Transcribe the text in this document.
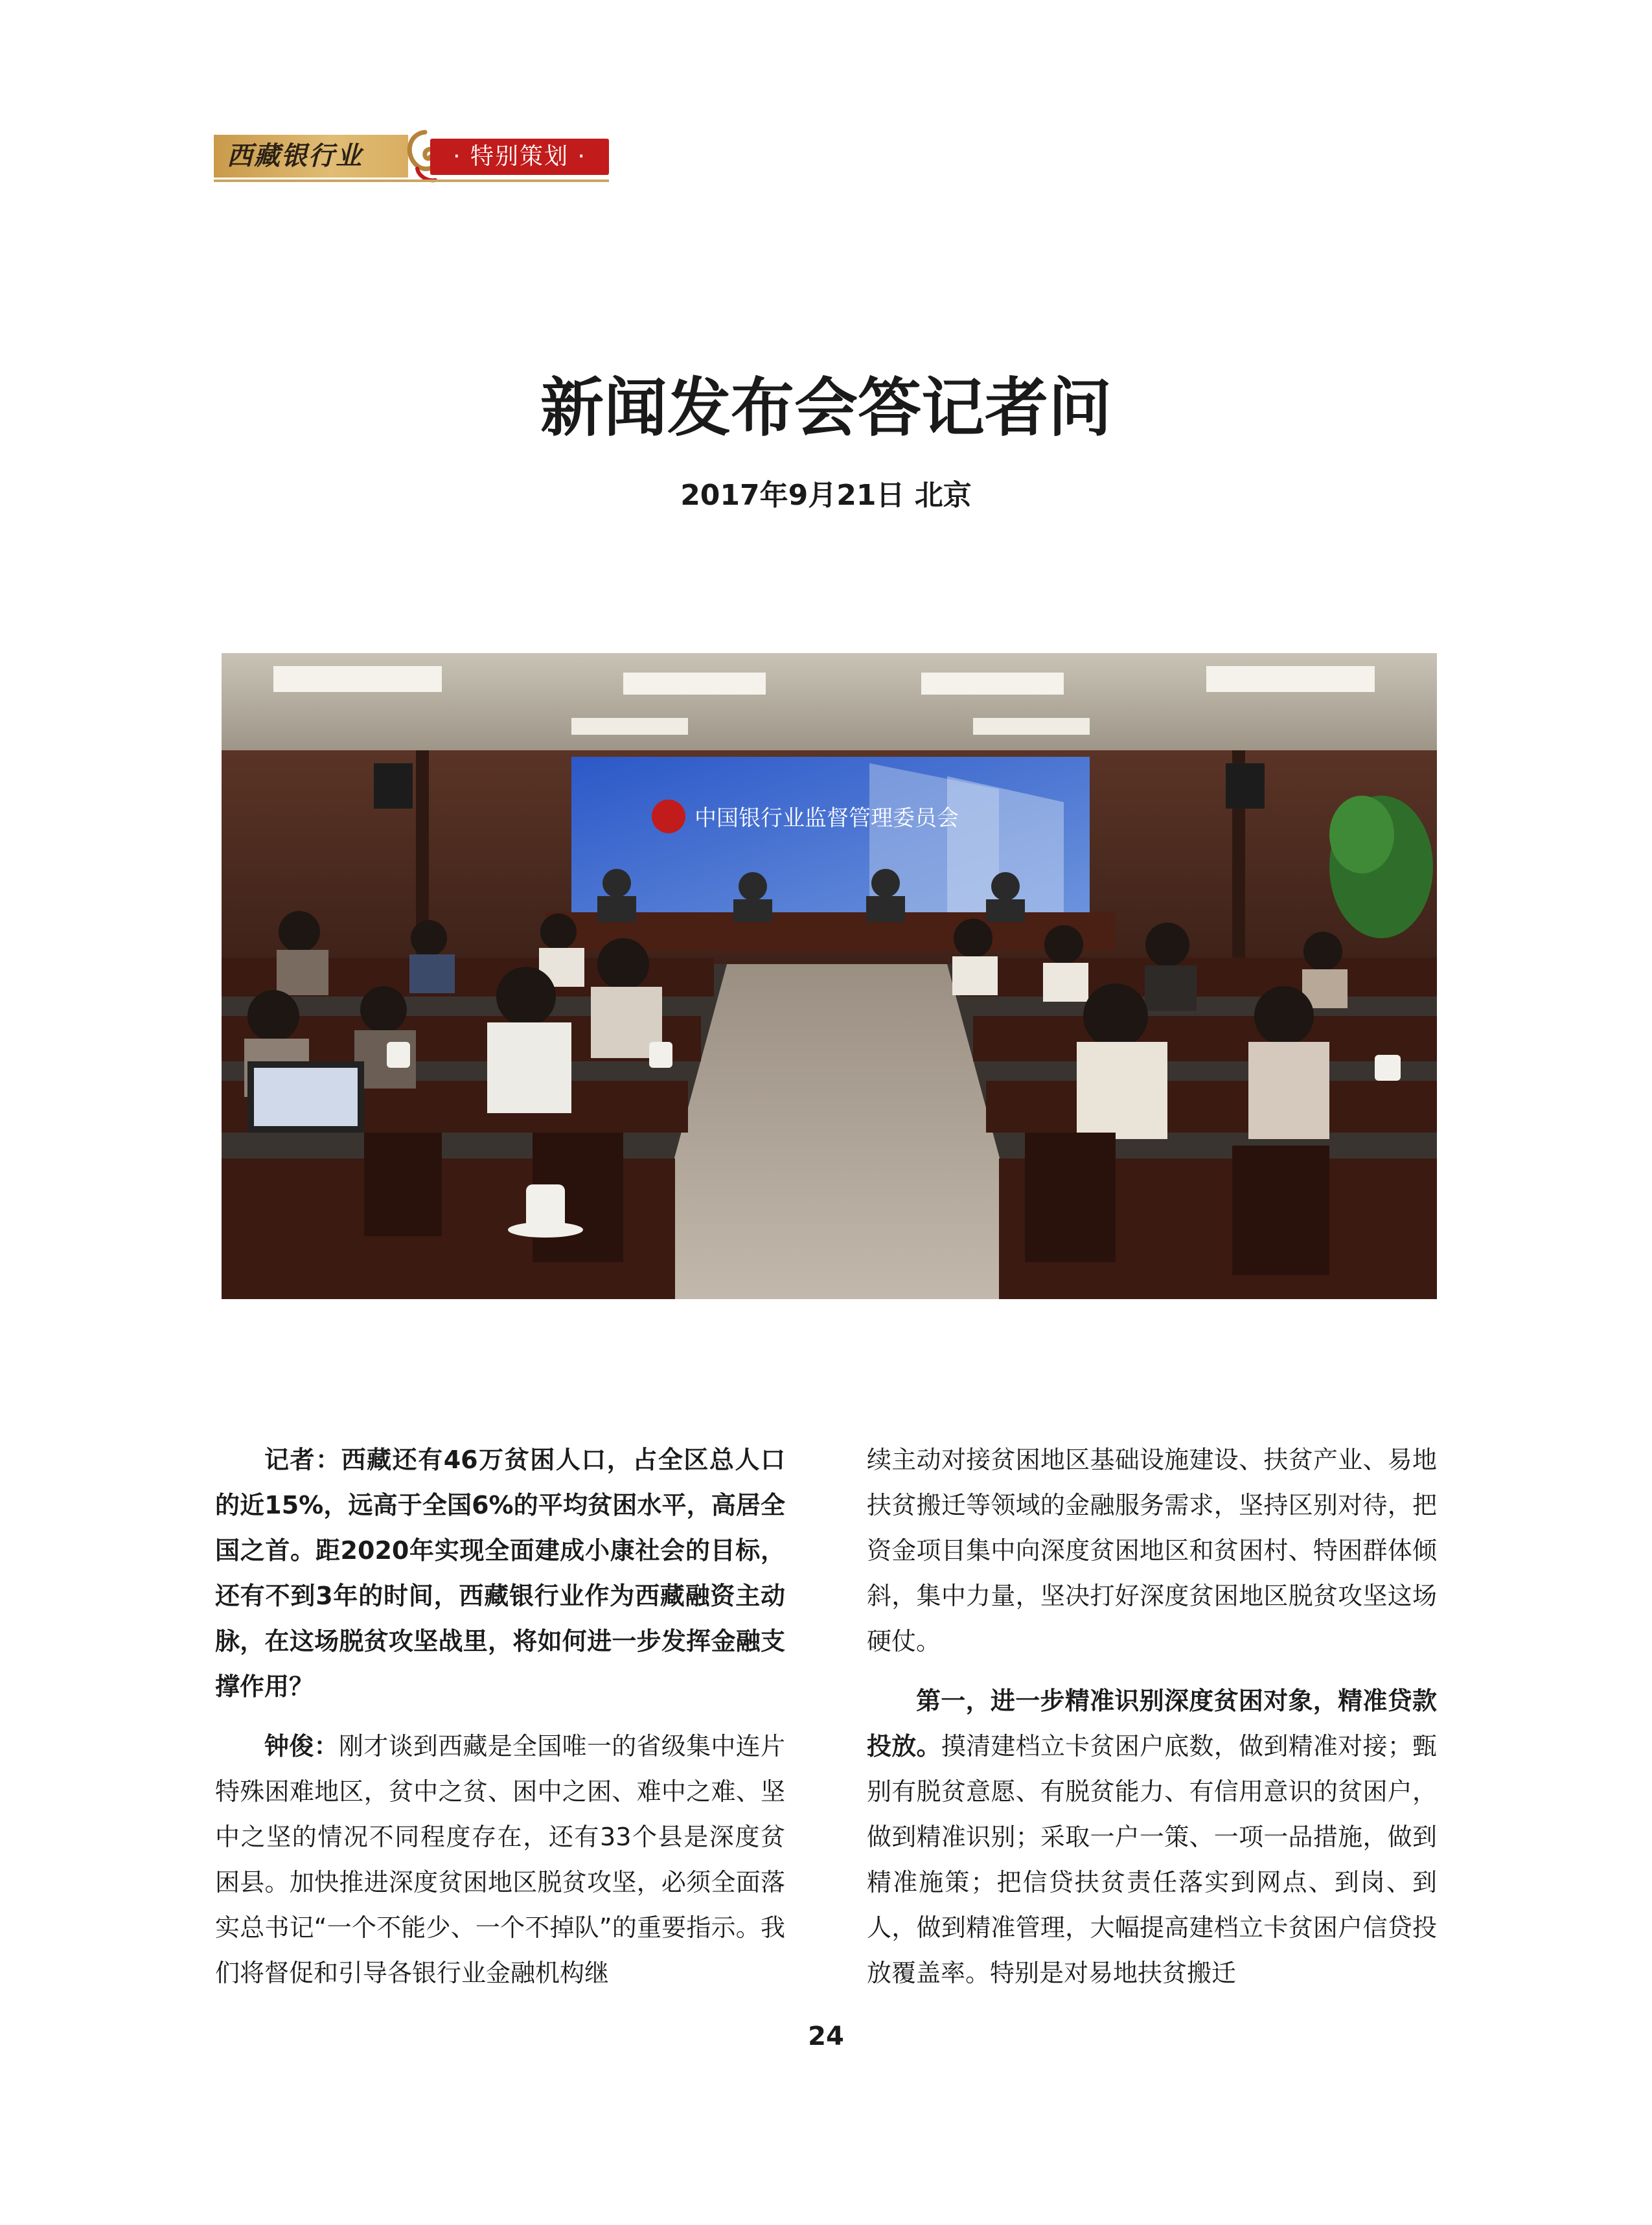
西藏银行业	· 特别策划 ·
新闻发布会答记者问
2017年9月21日 北京
中国银行业监督管理委员会

记者：西藏还有46万贫困人口，占全区总人口的近15%，远高于全国6%的平均贫困水平，高居全国之首。距2020年实现全面建成小康社会的目标，还有不到3年的时间，西藏银行业作为西藏融资主动脉，在这场脱贫攻坚战里，将如何进一步发挥金融支撑作用？

钟俊：刚才谈到西藏是全国唯一的省级集中连片特殊困难地区，贫中之贫、困中之困、难中之难、坚中之坚的情况不同程度存在，还有33个县是深度贫困县。加快推进深度贫困地区脱贫攻坚，必须全面落实总书记“一个不能少、一个不掉队”的重要指示。我们将督促和引导各银行业金融机构继

续主动对接贫困地区基础设施建设、扶贫产业、易地扶贫搬迁等领域的金融服务需求，坚持区别对待，把资金项目集中向深度贫困地区和贫困村、特困群体倾斜，集中力量，坚决打好深度贫困地区脱贫攻坚这场硬仗。

第一，进一步精准识别深度贫困对象，精准贷款投放。摸清建档立卡贫困户底数，做到精准对接；甄别有脱贫意愿、有脱贫能力、有信用意识的贫困户，做到精准识别；采取一户一策、一项一品措施，做到精准施策；把信贷扶贫责任落实到网点、到岗、到人，做到精准管理，大幅提高建档立卡贫困户信贷投放覆盖率。特别是对易地扶贫搬迁

24
